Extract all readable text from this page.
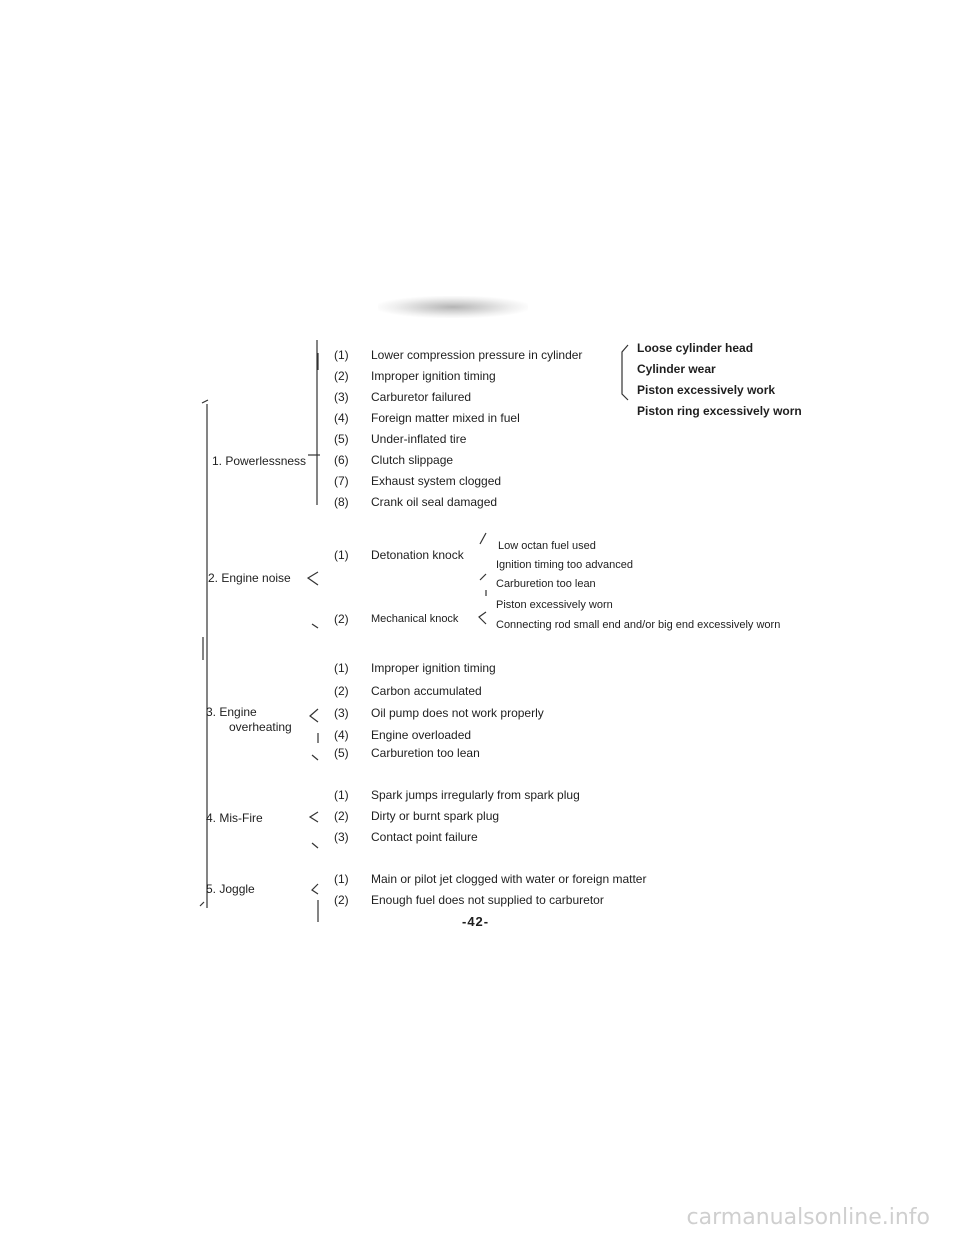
1. Powerlessness
(1) Lower compression pressure in cylinder
(2) Improper ignition timing
(3) Carburetor failured
(4) Foreign matter mixed in fuel
(5) Under-inflated tire
(6) Clutch slippage
(7) Exhaust system clogged
(8) Crank oil seal damaged
Loose cylinder head
Cylinder wear
Piston excessively work
Piston ring excessively worn
2. Engine noise
(1) Detonation knock
Low octan fuel used
Ignition timing too advanced
(2) Mechanical knock
Carburetion too lean
Piston excessively worn
Connecting rod small end and/or big end excessively worn
3. Engine
overheating
(1) Improper ignition timing
(2) Carbon accumulated
(3) Oil pump does not work properly
(4) Engine overloaded
(5) Carburetion too lean
4. Mis-Fire
(1) Spark jumps irregularly from spark plug
(2) Dirty or burnt spark plug
(3) Contact point failure
5. Joggle
(1) Main or pilot jet clogged with water or foreign matter
(2) Enough fuel does not supplied to carburetor
-42-
carmanualsonline.info
